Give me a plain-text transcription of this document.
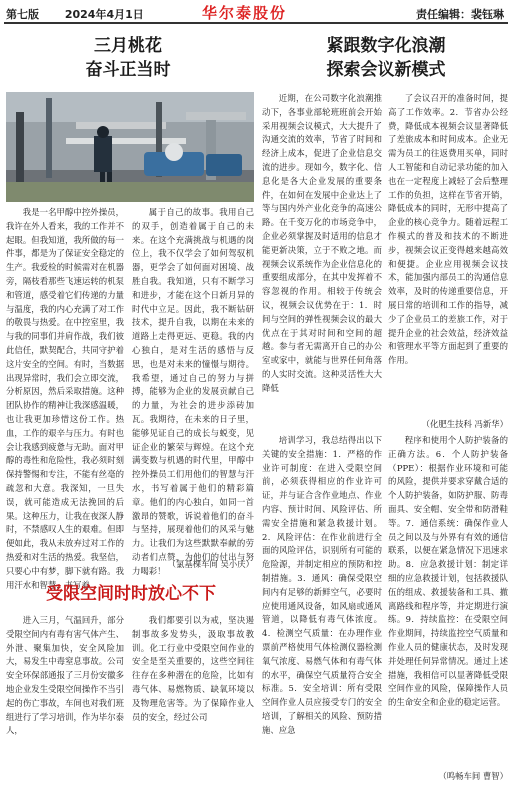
第七版 2024年4月1日	华尔泰股份	责任编辑：裴钰琳
三月桃花
奋斗正当时
紧跟数字化浪潮
探索会议新模式

我是一名甲醇中控外操员，我许在外人看来，我的工作并不起眼。但我知道，我所做的每一件事，都是为了保证安全稳定的生产。我爱检的时候需对在机器旁，隔枝看那些飞速运转的机泵和管道，感受着它们传递的力量与温度，我的内心充满了对工作的敬畏与热爱。在中控室里，我与我的同事们并肩作战，我们彼此信任，默契配合，共同守护着这片安全的空间。有时，当数据出现异常时，我们会立即交流，分析原因，然后采取措施。这种团队协作的精神让我深感温暖，也让我更加珍惜这份工作。热血，工作的艰辛与压力。有时也会让我感到疲惫与无助。面对甲醇的毒性和危险性，我必须时刻保持警惕和专注，不能有丝毫的疏忽和大意。我深知，一旦失误，就可能造成无法挽回的后果。这种压力，让我在夜深人静时，不禁感叹人生的艰难。但即便如此，我从未放弃过对工作的热爱和对生活的热爱。我坚信，只要心中有梦，脚下就有路。我用汗水和智慧，书写着

属于自己的故事。我用自己的双手，创造着属于自己的未来。在这个充满挑战与机遇的岗位上，我不仅学会了如何驾驭机器，更学会了如何面对困境、战胜自我。我知道，只有不断学习和进步，才能在这个日新月异的时代中立足。因此，我不断钻研技术，提升自我，以期在未来的道路上走得更远、更稳。我的内心独白，是对生活的感悟与反思，也是对未来的憧憬与期待。我希望，通过自己的努力与拼搏，能够为企业的发展贡献自己的力量，为社会的进步添砖加瓦。我期待，在未来的日子里，能够见证自己的成长与蜕变，见证企业的繁荣与辉煌。在这个充满变数与机遇的时代里，甲醇中控外操员工们用他们的智慧与汗水，书写着属于他们的精彩篇章。他们的内心独白，如同一首激昂的赞歌，诉说着他们的奋斗与坚持，展现着他们的风采与魅力。让我们为这些默默奉献的劳动者们点赞，为他们的付出与努力喝彩！

（氯基棵车间 吴小庆）

近期，在公司数字化浪潮推动下，各事业部轮班班前会开始采用视频会议模式，大大提升了沟通交流的效率，节省了时间和经济上成本，促进了企业信息交流的进步。现如今，数字化、信息化是各大企业发展的重要条件，在如何在发展中企业达上了等与国内外产业化竞争的高速公路。在千变万化的市场竞争中，企业必须掌握及时适用的信息才能更新决策，立于不败之地。而视频会议系统作为企业信息化的重要组成部分，在其中发挥着不容忽视的作用。相较于传统会议，视频会议优势在于：1．时间与空间的弹性视频会议的最大优点在于其对时间和空间的超越。参与者无需离开自己的办公室或家中，就能与世界任何角落的人实时交流。这种灵活性大大降低

了会议召开的准备时间，提高了工作效率。2．节省办公经费，降低成本视频会议显著降低了差旅成本和时间成本。企业无需为员工的往返费用买单，同时人工智能和自动记录功能的加入也在一定程度上减轻了会后整理工作的负担，这样在节省开销，降低成本的同时，无形中提高了企业的核心竞争力。随着远程工作模式的普及和技术的不断进步，视频会议正变得越来越高效和便捷。企业应用视频会议技术，能加强内部员工的沟通信息效率，及时的传递重要信息，开展日常的培训和工作的指导，减少了企业员工的差旅工作，对于提升企业的社会效益，经济效益和管理水平等方面起到了重要的作用。

（化肥生技科 冯新华）

培训学习，我总结得出以下关键的安全措施：1．严格的作业许可制度：在进入受限空间前，必须获得相应的作业许可证，并与证合含作业地点、作业内容、预计时间、风险评估、所需安全措施和紧急救援计划。2．风险评估：在作业前进行全面的风险评估，识别所有可能的危险源，并制定相应的预防和控制措施。3．通风：确保受限空间内有足够的新鲜空气，必要时应使用通风设备，如风扇或通风管道，以降低有毒气体浓度。4．检测空气质量：在办理作业票前严格使用气体检测仪器检测氧气浓度、易燃气体和有毒气体的水平，确保空气质量符合安全标准。5．安全培训：所有受限空间作业人员应接受专门的安全培训，了解相关的风险、预防措施、应急

程序和使用个人防护装备的正确方法。6．个人防护装备（PPE）：根据作业环境和可能的风险，提供并要求穿戴合适的个人防护装备，如防护服、防毒面具、安全帽、安全带和防滑鞋等。7．通信系统：确保作业人员之间以及与外界有有效的通信联系，以便在紧急情况下迅速求助。8．应急救援计划：制定详细的应急救援计划，包括救援队伍的组成、救援装备和工具、撤离路线和程序等，并定期进行演练。9．持续监控：在受限空间作业期间，持续监控空气质量和作业人员的健康状态，及时发现并处理任何异常情况。通过上述措施，我相信可以显著降低受限空间作业的风险，保障操作人员的生命安全和企业的稳定运营。

（鸣畅车间 曹智）
受限空间时时放心不下

进入三月，气温回升，部分受限空间内有毒有害气体产生、外泄、聚集加快，安全风险加大，易发生中毒窒息事故。公司安全环保部通报了三月份安徽多地企业发生受限空间操作不当引起的伤亡事故，车间也对我们班组进行了学习培训，作为毕尔泰人，

我们都要引以为戒，坚决遏制事故多发势头，汲取事故教训。化工行业中受限空间作业的安全是至关重要的，这些空间往往存在多种潜在的危险，比如有毒气体、易燃物质、缺氧环境以及物理危害等。为了保障作业人员的安全，经过公司
